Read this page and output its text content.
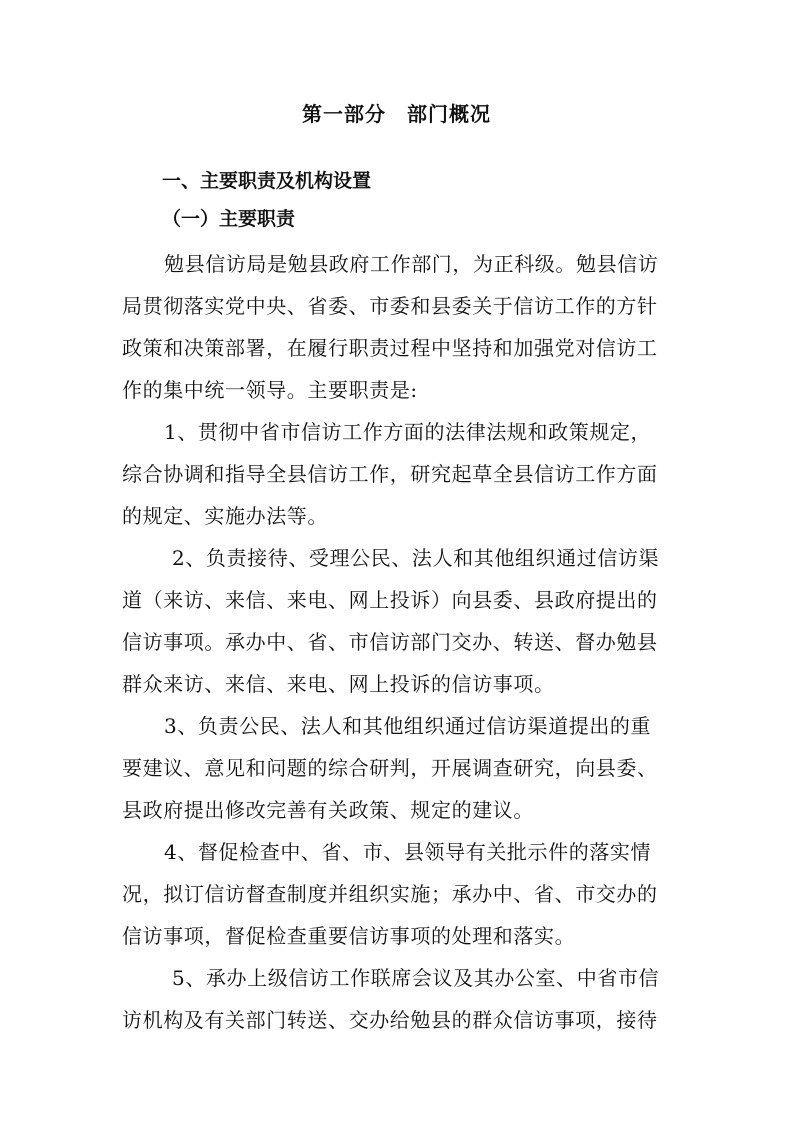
第一部分　部门概况
一、主要职责及机构设置
（一）主要职责
勉县信访局是勉县政府工作部门，为正科级。勉县信访
局贯彻落实党中央、省委、市委和县委关于信访工作的方针
政策和决策部署，在履行职责过程中坚持和加强党对信访工
作的集中统一领导。主要职责是:
1、贯彻中省市信访工作方面的法律法规和政策规定，
综合协调和指导全县信访工作，研究起草全县信访工作方面
的规定、实施办法等。
2、负责接待、受理公民、法人和其他组织通过信访渠
道（来访、来信、来电、网上投诉）向县委、县政府提出的
信访事项。承办中、省、市信访部门交办、转送、督办勉县
群众来访、来信、来电、网上投诉的信访事项。
3、负责公民、法人和其他组织通过信访渠道提出的重
要建议、意见和问题的综合研判，开展调查研究，向县委、
县政府提出修改完善有关政策、规定的建议。
4、督促检查中、省、市、县领导有关批示件的落实情
况，拟订信访督查制度并组织实施；承办中、省、市交办的
信访事项，督促检查重要信访事项的处理和落实。
5、承办上级信访工作联席会议及其办公室、中省市信
访机构及有关部门转送、交办给勉县的群众信访事项，接待
